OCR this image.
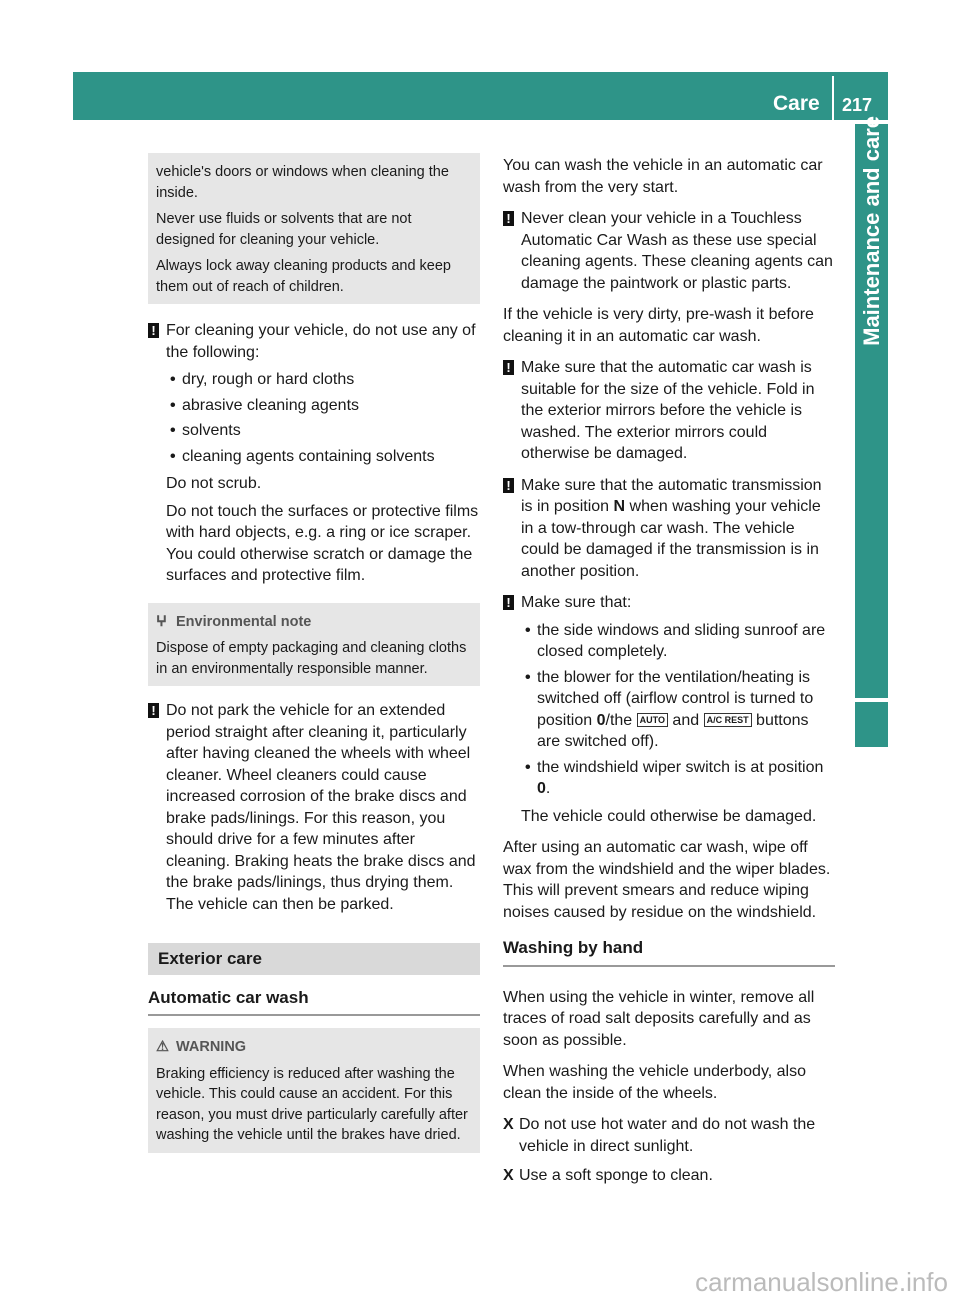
Care 217
Maintenance and care

vehicle's doors or windows when cleaning the inside.

Never use fluids or solvents that are not designed for cleaning your vehicle.

Always lock away cleaning products and keep them out of reach of children.

! For cleaning your vehicle, do not use any of the following:

• dry, rough or hard cloths
• abrasive cleaning agents
• solvents
• cleaning agents containing solvents

Do not scrub.

Do not touch the surfaces or protective films with hard objects, e.g. a ring or ice scraper. You could otherwise scratch or damage the surfaces and protective film.

ⵖ Environmental note

Dispose of empty packaging and cleaning cloths in an environmentally responsible manner.

! Do not park the vehicle for an extended period straight after cleaning it, particularly after having cleaned the wheels with wheel cleaner. Wheel cleaners could cause increased corrosion of the brake discs and brake pads/linings. For this reason, you should drive for a few minutes after cleaning. Braking heats the brake discs and the brake pads/linings, thus drying them. The vehicle can then be parked.

Exterior care
Automatic car wash

⚠ WARNING

Braking efficiency is reduced after washing the vehicle. This could cause an accident. For this reason, you must drive particularly carefully after washing the vehicle until the brakes have dried.

You can wash the vehicle in an automatic car wash from the very start.

! Never clean your vehicle in a Touchless Automatic Car Wash as these use special cleaning agents. These cleaning agents can damage the paintwork or plastic parts.

If the vehicle is very dirty, pre-wash it before cleaning it in an automatic car wash.

! Make sure that the automatic car wash is suitable for the size of the vehicle. Fold in the exterior mirrors before the vehicle is washed. The exterior mirrors could otherwise be damaged.

! Make sure that the automatic transmission is in position N when washing your vehicle in a tow-through car wash. The vehicle could be damaged if the transmission is in another position.

! Make sure that:

• the side windows and sliding sunroof are closed completely.
• the blower for the ventilation/heating is switched off (airflow control is turned to position 0/the AUTO and A/C REST buttons are switched off).
• the windshield wiper switch is at position 0.

The vehicle could otherwise be damaged.

After using an automatic car wash, wipe off wax from the windshield and the wiper blades. This will prevent smears and reduce wiping noises caused by residue on the windshield.

Washing by hand

When using the vehicle in winter, remove all traces of road salt deposits carefully and as soon as possible.

When washing the vehicle underbody, also clean the inside of the wheels.

X Do not use hot water and do not wash the vehicle in direct sunlight.
X Use a soft sponge to clean.
carmanualsonline.info
